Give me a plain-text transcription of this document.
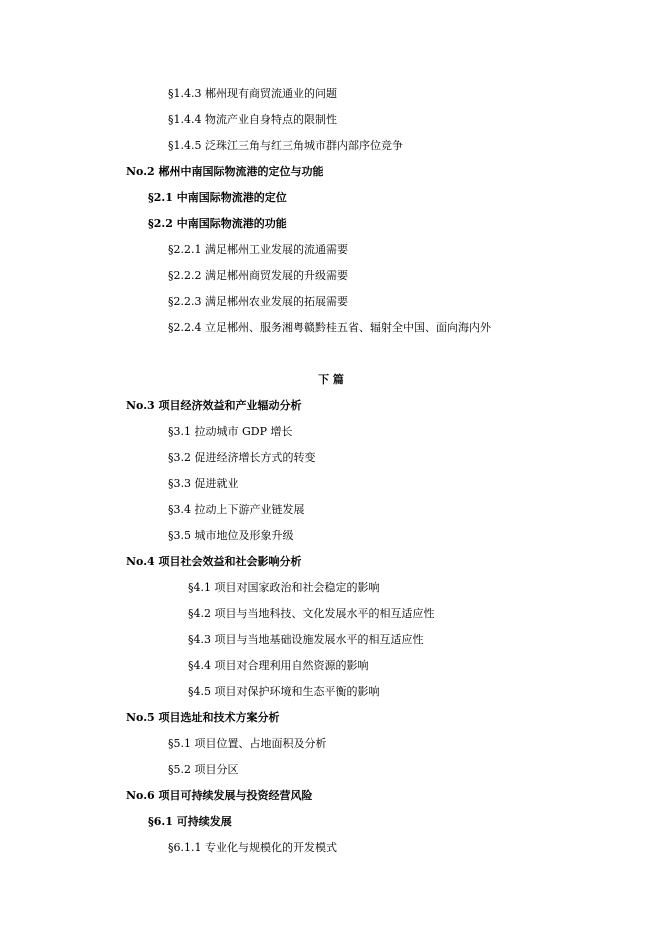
§1.4.3 郴州现有商贸流通业的问题
§1.4.4 物流产业自身特点的限制性
§1.4.5 泛珠江三角与红三角城市群内部序位竞争
No.2 郴州中南国际物流港的定位与功能
§2.1 中南国际物流港的定位
§2.2 中南国际物流港的功能
§2.2.1 满足郴州工业发展的流通需要
§2.2.2 满足郴州商贸发展的升级需要
§2.2.3 满足郴州农业发展的拓展需要
§2.2.4 立足郴州、服务湘粤赣黔桂五省、辐射全中国、面向海内外
下 篇
No.3 项目经济效益和产业辐动分析
§3.1 拉动城市 GDP 增长
§3.2 促进经济增长方式的转变
§3.3 促进就业
§3.4 拉动上下游产业链发展
§3.5 城市地位及形象升级
No.4 项目社会效益和社会影响分析
§4.1 项目对国家政治和社会稳定的影响
§4.2 项目与当地科技、文化发展水平的相互适应性
§4.3 项目与当地基础设施发展水平的相互适应性
§4.4 项目对合理利用自然资源的影响
§4.5 项目对保护环境和生态平衡的影响
No.5 项目选址和技术方案分析
§5.1 项目位置、占地面积及分析
§5.2 项目分区
No.6 项目可持续发展与投资经营风险
§6.1 可持续发展
§6.1.1 专业化与规模化的开发模式
